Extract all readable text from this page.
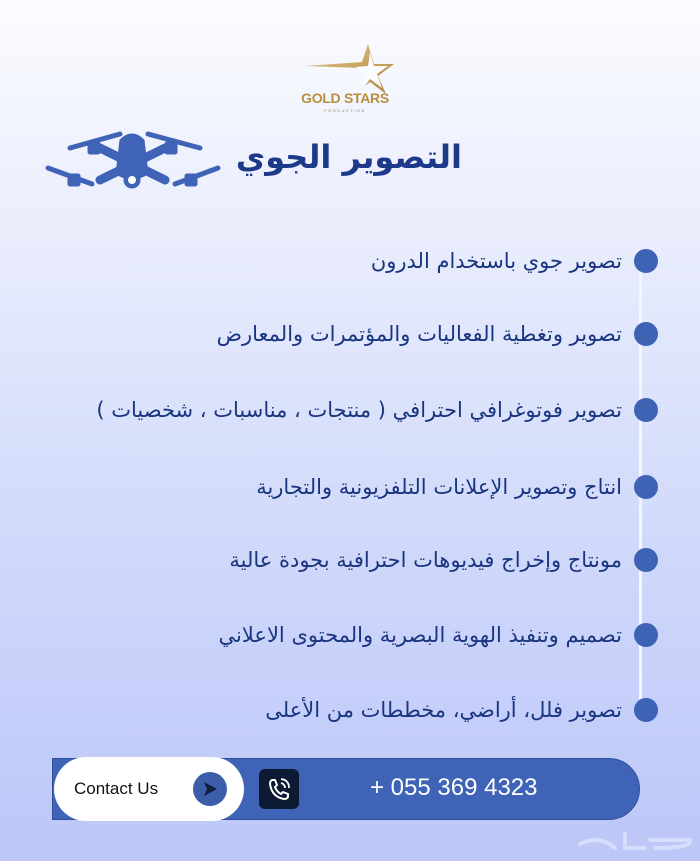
GOLD STARS
PRODUCTION
التصوير الجوي
تصوير جوي باستخدام الدرون
تصوير وتغطية الفعاليات والمؤتمرات والمعارض
تصوير فوتوغرافي احترافي ( منتجات ، مناسبات ، شخصيات )
انتاج وتصوير الإعلانات التلفزيونية والتجارية
مونتاج وإخراج فيديوهات احترافية بجودة عالية
تصميم وتنفيذ الهوية البصرية والمحتوى الاعلاني
تصوير فلل، أراضي، مخططات من الأعلى
Contact Us	+ 055 369 4323
